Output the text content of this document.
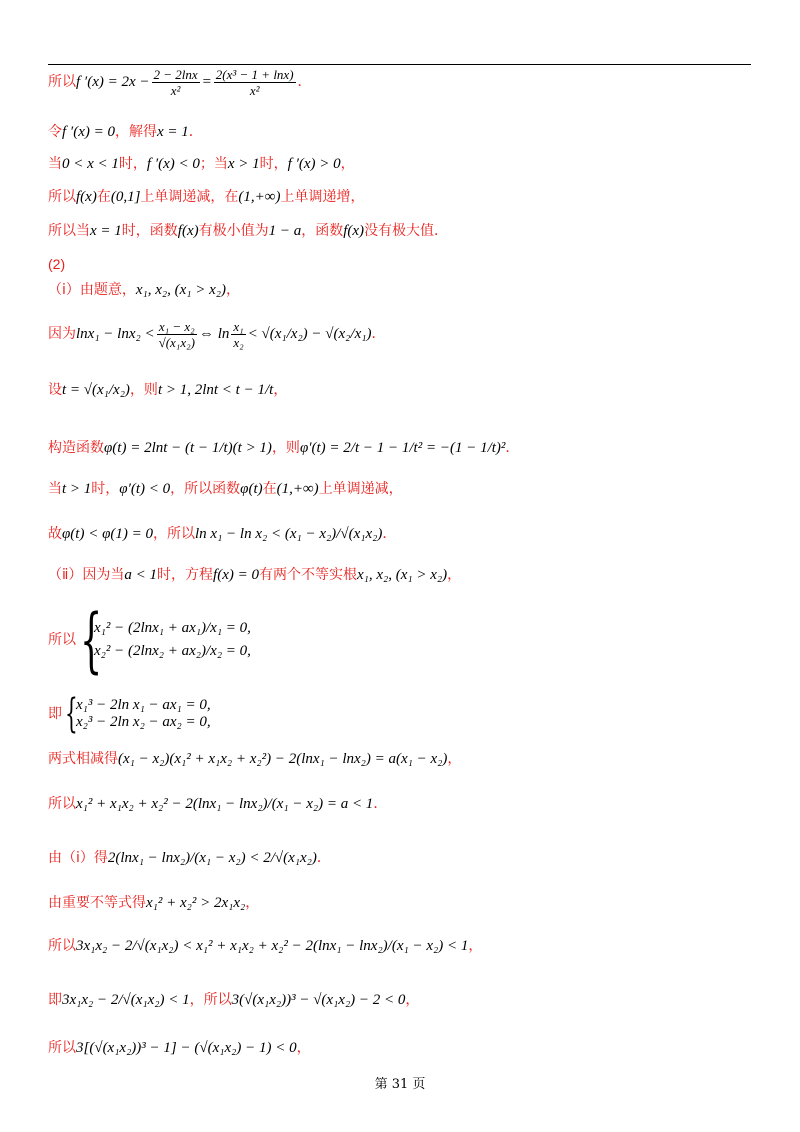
所以 f $'(x) = 2x - \frac{2 - 2\ln x}{\text{x²}} = \frac{\text{2(x³ − 1 + lnx)}}{\text{x²}}$ ．
令 f ′(x) = 0 ，解得 x = 1 ．
当 0 < x < 1 时， f ′(x) < 0 ；当 x > 1 时， f ′(x) > 0 ，
所以 f(x) 在 (0,1] 上单调递减，在 (1,+∞) 上单调递增，
所以当 x = 1 时，函数 f(x) 有极小值为 1 − a ，函数 f(x) 没有极大值．
(2)
（ⅰ）由题意， x₁, x₂, (x₁ > x₂) ，
因为 $\ln x_1 - \ln x_2 < \frac{\text{x₁ − x₂}}{\text{√(x₁x₂)}}$ ⇔ $\ln \frac{\text{x₁}}{\text{x₂}} < √(x_1/x_2) - √(x_2/x_1)$ ．
设 t = √(x₁/x₂) ，则 t > 1, 2lnt < t − 1/t ，
构造函数 φ(t) = 2lnt − (t − 1/t)(t > 1) ，则 φ′(t) = 2/t − 1 − 1/t² = −(1 − 1/t)² ．
当 t > 1 时， φ′(t) < 0 ，所以函数 φ(t) 在 (1,+∞) 上单调递减，
故 φ(t) < φ(1) = 0 ，所以 ln x₁ − ln x₂ < (x₁ − x₂)/√(x₁x₂) ．
（ⅱ）因为当 a < 1 时，方程 f(x) = 0 有两个不等实根 x₁, x₂, (x₁ > x₂) ，
所以 {
x₁² − (2lnx₁ + ax₁)/x₁ = 0,
x₂² − (2lnx₂ + ax₂)/x₂ = 0,
即 {
x₁³ − 2ln x₁ − ax₁ = 0,
x₂³ − 2ln x₂ − ax₂ = 0,
两式相减得 (x₁ − x₂)(x₁² + x₁x₂ + x₂²) − 2(lnx₁ − lnx₂) = a(x₁ − x₂) ，
所以 x₁² + x₁x₂ + x₂² − 2(lnx₁ − lnx₂)/(x₁ − x₂) = a < 1 ．
由（ⅰ）得 2(lnx₁ − lnx₂)/(x₁ − x₂) < 2/√(x₁x₂) ．
由重要不等式得 x₁² + x₂² > 2x₁x₂ ，
所以 3x₁x₂ − 2/√(x₁x₂) < x₁² + x₁x₂ + x₂² − 2(lnx₁ − lnx₂)/(x₁ − x₂) < 1 ，
即 3x₁x₂ − 2/√(x₁x₂) < 1 ，所以 3(√(x₁x₂))³ − √(x₁x₂) − 2 < 0 ，
所以 3[(√(x₁x₂))³ − 1] − (√(x₁x₂) − 1) < 0 ，
第 31 页
